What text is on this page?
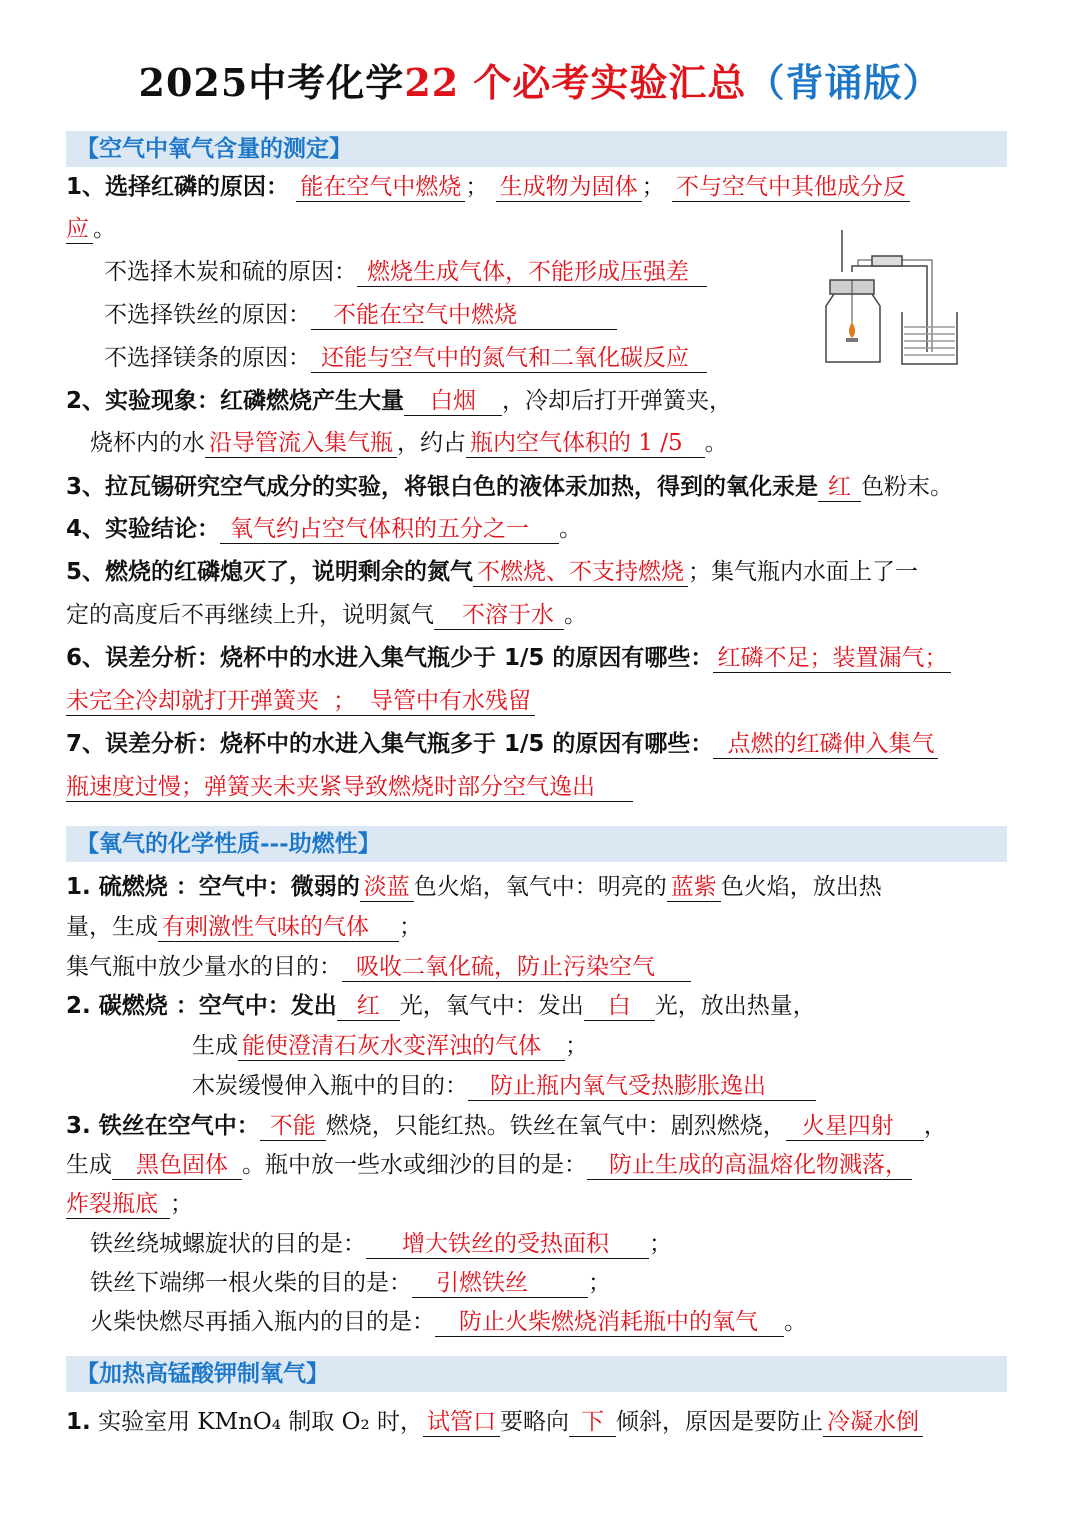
2025中考化学22 个必考实验汇总（背诵版）
【空气中氧气含量的测定】
1、选择红磷的原因： 能在空气中燃烧 ； 生成物为固体 ； 不与空气中其他成分反
应 。
不选择木炭和硫的原因： 燃烧生成气体，不能形成压强差
不选择铁丝的原因： 不能在空气中燃烧
不选择镁条的原因： 还能与空气中的氮气和二氧化碳反应
2、实验现象：红磷燃烧产生大量 白烟 ，冷却后打开弹簧夹，
烧杯内的水 沿导管流入集气瓶 ，约占 瓶内空气体积的 1 /5 。
3、拉瓦锡研究空气成分的实验，将银白色的液体汞加热，得到的氧化汞是 红 色粉末。
4、实验结论： 氧气约占空气体积的五分之一 。
5、燃烧的红磷熄灭了，说明剩余的氮气 不燃烧、不支持燃烧 ；集气瓶内水面上了一
定的高度后不再继续上升，说明氮气 不溶于水 。
6、误差分析：烧杯中的水进入集气瓶少于 1/5 的原因有哪些： 红磷不足；装置漏气；
未完全冷却就打开弹簧夹 ； 导管中有水残留
7、误差分析：烧杯中的水进入集气瓶多于 1/5 的原因有哪些： 点燃的红磷伸入集气
瓶速度过慢；弹簧夹未夹紧导致燃烧时部分空气逸出
【氧气的化学性质---助燃性】
1. 硫燃烧 ：空气中：微弱的 淡蓝 色火焰，氧气中：明亮的 蓝紫 色火焰，放出热
量，生成 有刺激性气味的气体 ；
集气瓶中放少量水的目的： 吸收二氧化硫，防止污染空气
2. 碳燃烧 ：空气中：发出 红 光，氧气中：发出 白 光，放出热量，
生成 能使澄清石灰水变浑浊的气体 ；
木炭缓慢伸入瓶中的目的： 防止瓶内氧气受热膨胀逸出
3. 铁丝在空气中： 不能 燃烧，只能红热。铁丝在氧气中：剧烈燃烧， 火星四射 ，
生成 黑色固体 。瓶中放一些水或细沙的目的是： 防止生成的高温熔化物溅落，
炸裂瓶底 ；
铁丝绕城螺旋状的目的是： 增大铁丝的受热面积 ；
铁丝下端绑一根火柴的目的是： 引燃铁丝	；
火柴快燃尽再插入瓶内的目的是： 防止火柴燃烧消耗瓶中的氧气 。
【加热高锰酸钾制氧气】
1. 实验室用 KMnO₄ 制取 O₂ 时， 试管口 要略向 下 倾斜，原因是要防止 冷凝水倒
